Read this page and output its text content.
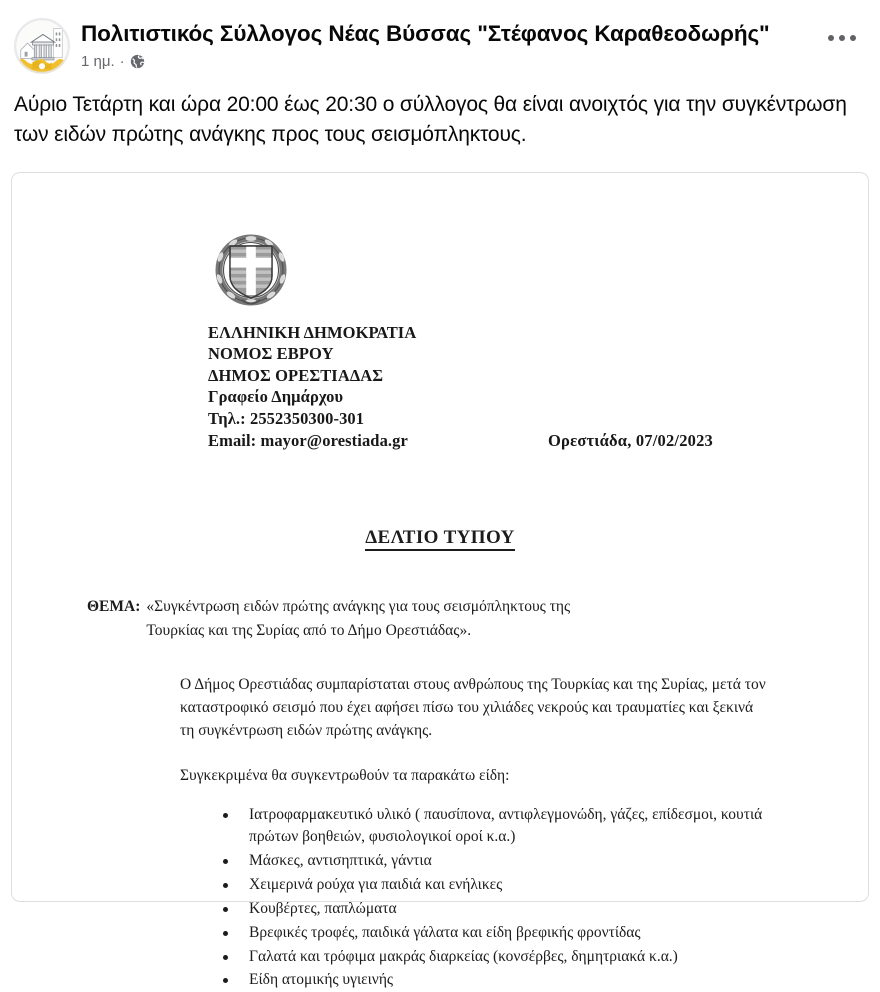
Πολιτιστικός Σύλλογος Νέας Βύσσας "Στέφανος Καραθεοδωρής"
1 ημ. ·
Αύριο Τετάρτη και ώρα 20:00 έως 20:30 ο σύλλογος θα είναι ανοιχτός για την συγκέντρωση των ειδών πρώτης ανάγκης προς τους σεισμόπληκτους.
ΕΛΛΗΝΙΚΗ ΔΗΜΟΚΡΑΤΙΑ
ΝΟΜΟΣ ΕΒΡΟΥ
ΔΗΜΟΣ ΟΡΕΣΤΙΑΔΑΣ
Γραφείο Δημάρχου
Τηλ.: 2552350300-301
Email: mayor@orestiada.gr	Ορεστιάδα, 07/02/2023
ΔΕΛΤΙΟ ΤΥΠΟΥ
ΘΕΜΑ: «Συγκέντρωση ειδών πρώτης ανάγκης για τους σεισμόπληκτους της Τουρκίας και της Συρίας από το Δήμο Ορεστιάδας».
Ο Δήμος Ορεστιάδας συμπαρίσταται στους ανθρώπους της Τουρκίας και της Συρίας, μετά τον καταστροφικό σεισμό που έχει αφήσει πίσω του χιλιάδες νεκρούς και τραυματίες και ξεκινά τη συγκέντρωση ειδών πρώτης ανάγκης.
Συγκεκριμένα θα συγκεντρωθούν τα παρακάτω είδη:
Ιατροφαρμακευτικό υλικό ( παυσίπονα, αντιφλεγμονώδη, γάζες, επίδεσμοι, κουτιά πρώτων βοηθειών, φυσιολογικοί οροί κ.α.)
Μάσκες, αντισηπτικά, γάντια
Χειμερινά ρούχα για παιδιά και ενήλικες
Κουβέρτες, παπλώματα
Βρεφικές τροφές, παιδικά γάλατα και είδη βρεφικής φροντίδας
Γαλατά και τρόφιμα μακράς διαρκείας (κονσέρβες, δημητριακά κ.α.)
Είδη ατομικής υγιεινής
